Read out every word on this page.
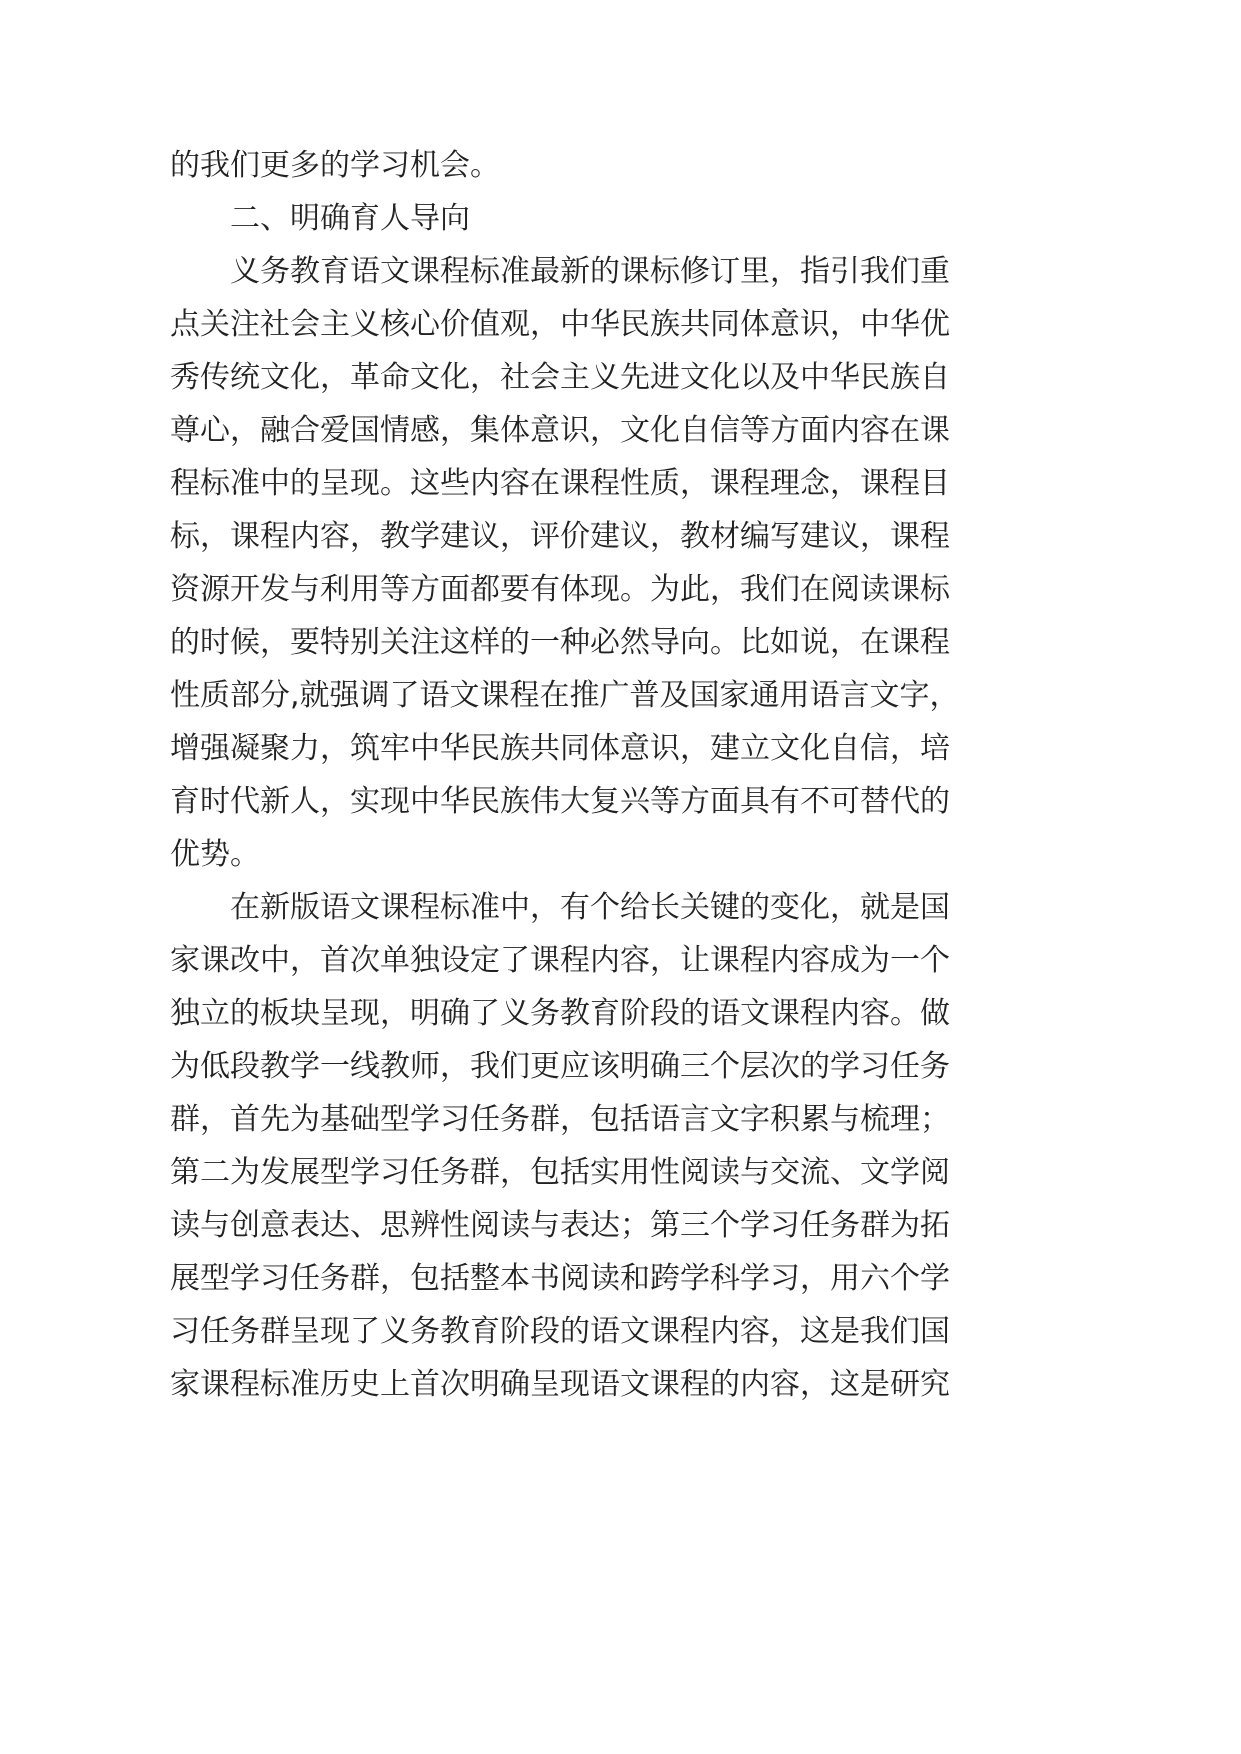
的我们更多的学习机会。

二、明确育人导向

义务教育语文课程标准最新的课标修订里，指引我们重

点关注社会主义核心价值观，中华民族共同体意识，中华优

秀传统文化，革命文化，社会主义先进文化以及中华民族自

尊心，融合爱国情感，集体意识，文化自信等方面内容在课

程标准中的呈现。这些内容在课程性质，课程理念，课程目

标，课程内容，教学建议，评价建议，教材编写建议，课程

资源开发与利用等方面都要有体现。为此，我们在阅读课标

的时候，要特别关注这样的一种必然导向。比如说，在课程

性质部分,就强调了语文课程在推广普及国家通用语言文字，

增强凝聚力，筑牢中华民族共同体意识，建立文化自信，培

育时代新人，实现中华民族伟大复兴等方面具有不可替代的

优势。

在新版语文课程标准中，有个给长关键的变化，就是国

家课改中，首次单独设定了课程内容，让课程内容成为一个

独立的板块呈现，明确了义务教育阶段的语文课程内容。做

为低段教学一线教师，我们更应该明确三个层次的学习任务

群，首先为基础型学习任务群，包括语言文字积累与梳理；

第二为发展型学习任务群，包括实用性阅读与交流、文学阅

读与创意表达、思辨性阅读与表达；第三个学习任务群为拓

展型学习任务群，包括整本书阅读和跨学科学习，用六个学

习任务群呈现了义务教育阶段的语文课程内容，这是我们国

家课程标准历史上首次明确呈现语文课程的内容，这是研究
